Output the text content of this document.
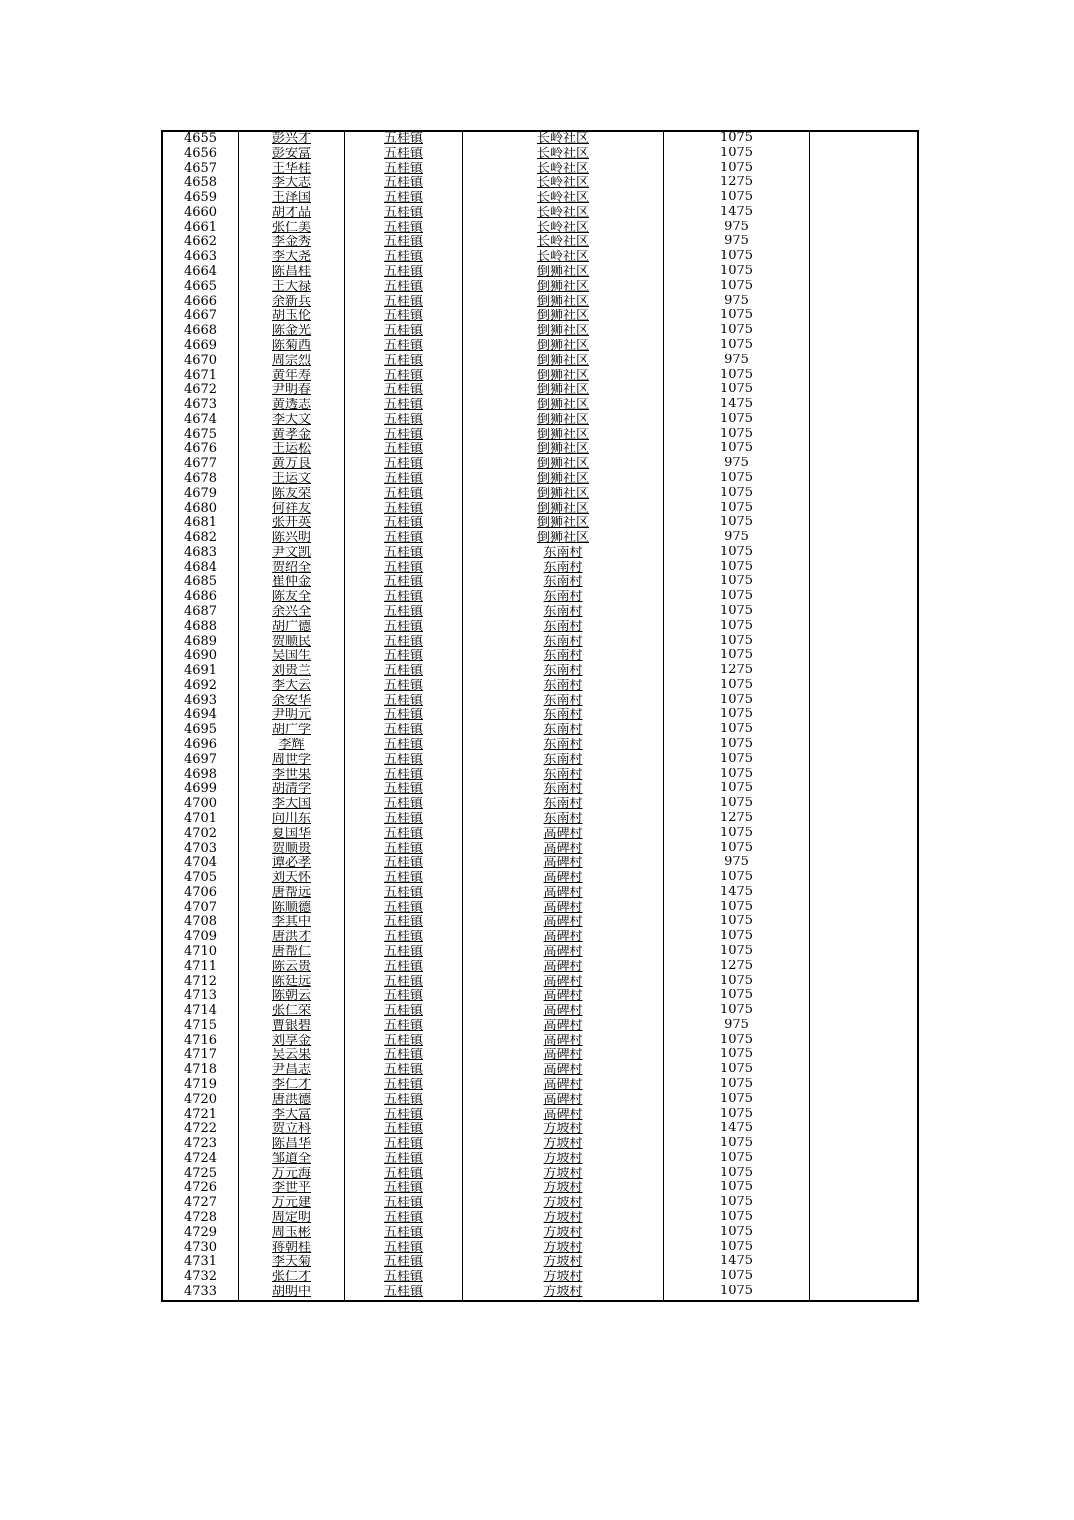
4655	彭兴才	五桂镇	长岭社区	1075	
4656	彭安富	五桂镇	长岭社区	1075	
4657	王华桂	五桂镇	长岭社区	1075	
4658	李大志	五桂镇	长岭社区	1275	
4659	王泽国	五桂镇	长岭社区	1075	
4660	胡才品	五桂镇	长岭社区	1475	
4661	张仁美	五桂镇	长岭社区	975	
4662	李金秀	五桂镇	长岭社区	975	
4663	李大尧	五桂镇	长岭社区	1075	
4664	陈昌桂	五桂镇	倒狮社区	1075	
4665	王大禄	五桂镇	倒狮社区	1075	
4666	余新兵	五桂镇	倒狮社区	975	
4667	胡玉伦	五桂镇	倒狮社区	1075	
4668	陈金光	五桂镇	倒狮社区	1075	
4669	陈菊西	五桂镇	倒狮社区	1075	
4670	周宗烈	五桂镇	倒狮社区	975	
4671	黄年寿	五桂镇	倒狮社区	1075	
4672	尹明春	五桂镇	倒狮社区	1075	
4673	黄透志	五桂镇	倒狮社区	1475	
4674	李大文	五桂镇	倒狮社区	1075	
4675	黄孝金	五桂镇	倒狮社区	1075	
4676	王运松	五桂镇	倒狮社区	1075	
4677	黄万良	五桂镇	倒狮社区	975	
4678	王运文	五桂镇	倒狮社区	1075	
4679	陈友荣	五桂镇	倒狮社区	1075	
4680	何祥友	五桂镇	倒狮社区	1075	
4681	张开英	五桂镇	倒狮社区	1075	
4682	陈兴明	五桂镇	倒狮社区	975	
4683	尹文凯	五桂镇	东南村	1075	
4684	贺绍全	五桂镇	东南村	1075	
4685	崔仲金	五桂镇	东南村	1075	
4686	陈友全	五桂镇	东南村	1075	
4687	余兴全	五桂镇	东南村	1075	
4688	胡广德	五桂镇	东南村	1075	
4689	贺顺民	五桂镇	东南村	1075	
4690	吴国生	五桂镇	东南村	1075	
4691	刘贵兰	五桂镇	东南村	1275	
4692	李大云	五桂镇	东南村	1075	
4693	余安华	五桂镇	东南村	1075	
4694	尹明元	五桂镇	东南村	1075	
4695	胡广学	五桂镇	东南村	1075	
4696	李辉	五桂镇	东南村	1075	
4697	周世学	五桂镇	东南村	1075	
4698	李世果	五桂镇	东南村	1075	
4699	胡清学	五桂镇	东南村	1075	
4700	李大国	五桂镇	东南村	1075	
4701	向川东	五桂镇	东南村	1275	
4702	夏国华	五桂镇	高碑村	1075	
4703	贺顺贵	五桂镇	高碑村	1075	
4704	谭必孝	五桂镇	高碑村	975	
4705	刘天怀	五桂镇	高碑村	1075	
4706	唐帮远	五桂镇	高碑村	1475	
4707	陈顺德	五桂镇	高碑村	1075	
4708	李其中	五桂镇	高碑村	1075	
4709	唐洪才	五桂镇	高碑村	1075	
4710	唐帮仁	五桂镇	高碑村	1075	
4711	陈云贵	五桂镇	高碑村	1275	
4712	陈廷远	五桂镇	高碑村	1075	
4713	陈朝云	五桂镇	高碑村	1075	
4714	张仁荣	五桂镇	高碑村	1075	
4715	曹银碧	五桂镇	高碑村	975	
4716	刘享金	五桂镇	高碑村	1075	
4717	吴云果	五桂镇	高碑村	1075	
4718	尹昌志	五桂镇	高碑村	1075	
4719	李仁才	五桂镇	高碑村	1075	
4720	唐洪德	五桂镇	高碑村	1075	
4721	李大富	五桂镇	高碑村	1075	
4722	贺立科	五桂镇	方坡村	1475	
4723	陈昌华	五桂镇	方坡村	1075	
4724	邹道全	五桂镇	方坡村	1075	
4725	万元海	五桂镇	方坡村	1075	
4726	李世平	五桂镇	方坡村	1075	
4727	万元建	五桂镇	方坡村	1075	
4728	周定明	五桂镇	方坡村	1075	
4729	周玉彬	五桂镇	方坡村	1075	
4730	蒋朝桂	五桂镇	方坡村	1075	
4731	李天菊	五桂镇	方坡村	1475	
4732	张仁才	五桂镇	方坡村	1075	
4733	胡明中	五桂镇	方坡村	1075	
